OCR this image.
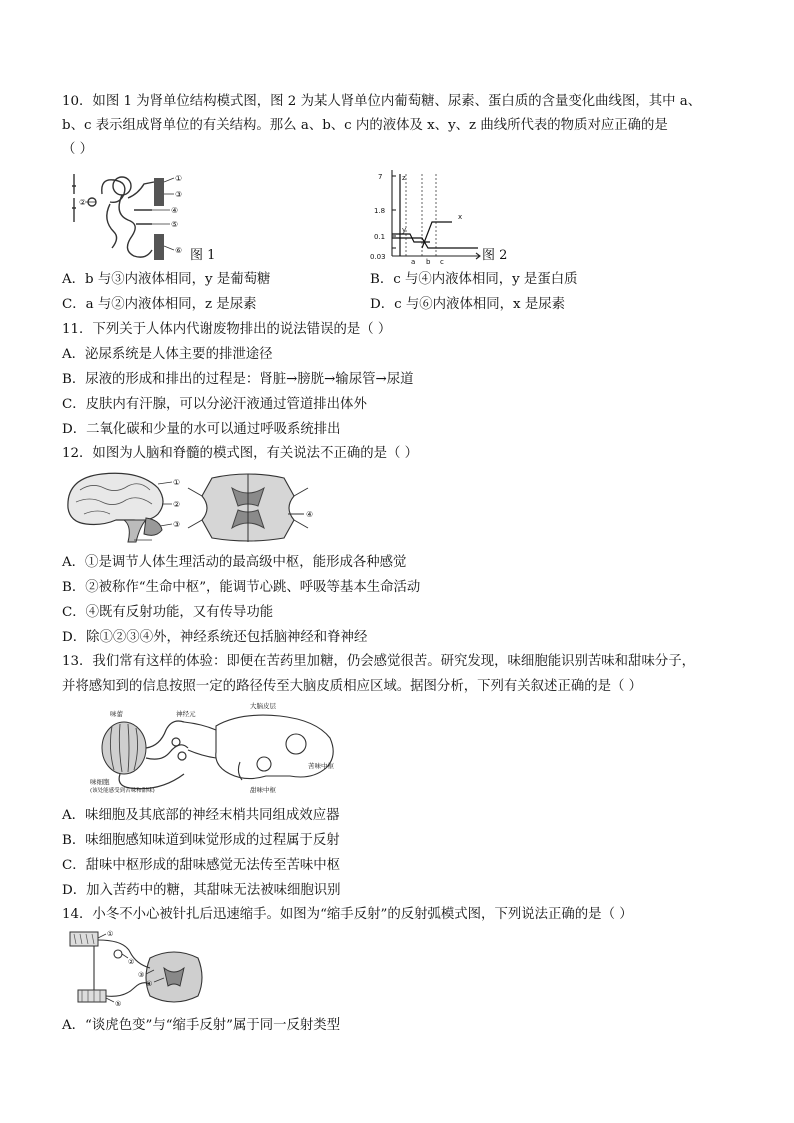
10．如图 1 为肾单位结构模式图，图 2 为某人肾单位内葡萄糖、尿素、蛋白质的含量变化曲线图，其中 a、
b、c 表示组成肾单位的有关结构。那么 a、b、c 内的液体及 x、y、z 曲线所代表的物质对应正确的是
（ ）
①
②
③
④
⑤
⑥ 图 1
7
1.8
0.1
0.03
a b c
x
y
z
图 2
A．b 与③内液体相同，y 是葡萄糖	B．c 与④内液体相同，y 是蛋白质
C．a 与②内液体相同，z 是尿素	D．c 与⑥内液体相同，x 是尿素
11．下列关于人体内代谢废物排出的说法错误的是（ ）
A．泌尿系统是人体主要的排泄途径
B．尿液的形成和排出的过程是：肾脏→膀胱→输尿管→尿道
C．皮肤内有汗腺，可以分泌汗液通过管道排出体外
D．二氧化碳和少量的水可以通过呼吸系统排出
12．如图为人脑和脊髓的模式图，有关说法不正确的是（ ）
①
②
③
④
A．①是调节人体生理活动的最高级中枢，能形成各种感觉
B．②被称作“生命中枢”，能调节心跳、呼吸等基本生命活动
C．④既有反射功能，又有传导功能
D．除①②③④外，神经系统还包括脑神经和脊神经
13．我们常有这样的体验：即便在苦药里加糖，仍会感觉很苦。研究发现，味细胞能识别苦味和甜味分子，
并将感知到的信息按照一定的路径传至大脑皮质相应区域。据图分析，下列有关叙述正确的是（ ）
味蕾	神经元
大脑皮层
味细胞
(该处能感受到苦味和甜味)	甜味中枢
苦味中枢
A．味细胞及其底部的神经末梢共同组成效应器
B．味细胞感知味道到味觉形成的过程属于反射
C．甜味中枢形成的甜味感觉无法传至苦味中枢
D．加入苦药中的糖，其甜味无法被味细胞识别
14．小冬不小心被针扎后迅速缩手。如图为“缩手反射”的反射弧模式图，下列说法正确的是（ ）
①
②
③
④
⑤
A．“谈虎色变”与“缩手反射”属于同一反射类型
